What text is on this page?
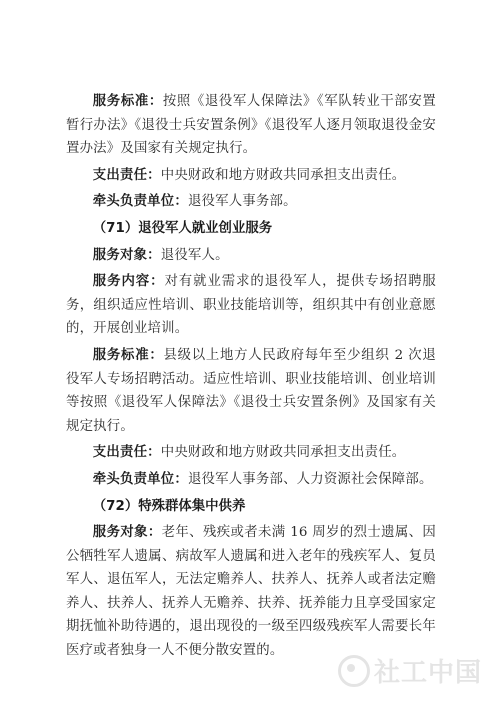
服务标准：按照《退役军人保障法》《军队转业干部安置暂行办法》《退役士兵安置条例》《退役军人逐月领取退役金安置办法》及国家有关规定执行。

支出责任：中央财政和地方财政共同承担支出责任。

牵头负责单位：退役军人事务部。

（71）退役军人就业创业服务

服务对象：退役军人。

服务内容：对有就业需求的退役军人，提供专场招聘服务，组织适应性培训、职业技能培训等，组织其中有创业意愿的，开展创业培训。

服务标准：县级以上地方人民政府每年至少组织 2 次退役军人专场招聘活动。适应性培训、职业技能培训、创业培训等按照《退役军人保障法》《退役士兵安置条例》及国家有关规定执行。

支出责任：中央财政和地方财政共同承担支出责任。

牵头负责单位：退役军人事务部、人力资源社会保障部。

（72）特殊群体集中供养

服务对象：老年、残疾或者未满 16 周岁的烈士遗属、因公牺牲军人遗属、病故军人遗属和进入老年的残疾军人、复员军人、退伍军人，无法定赡养人、扶养人、抚养人或者法定赡养人、扶养人、抚养人无赡养、扶养、抚养能力且享受国家定期抚恤补助待遇的，退出现役的一级至四级残疾军人需要长年医疗或者独身一人不便分散安置的。

社工中国
